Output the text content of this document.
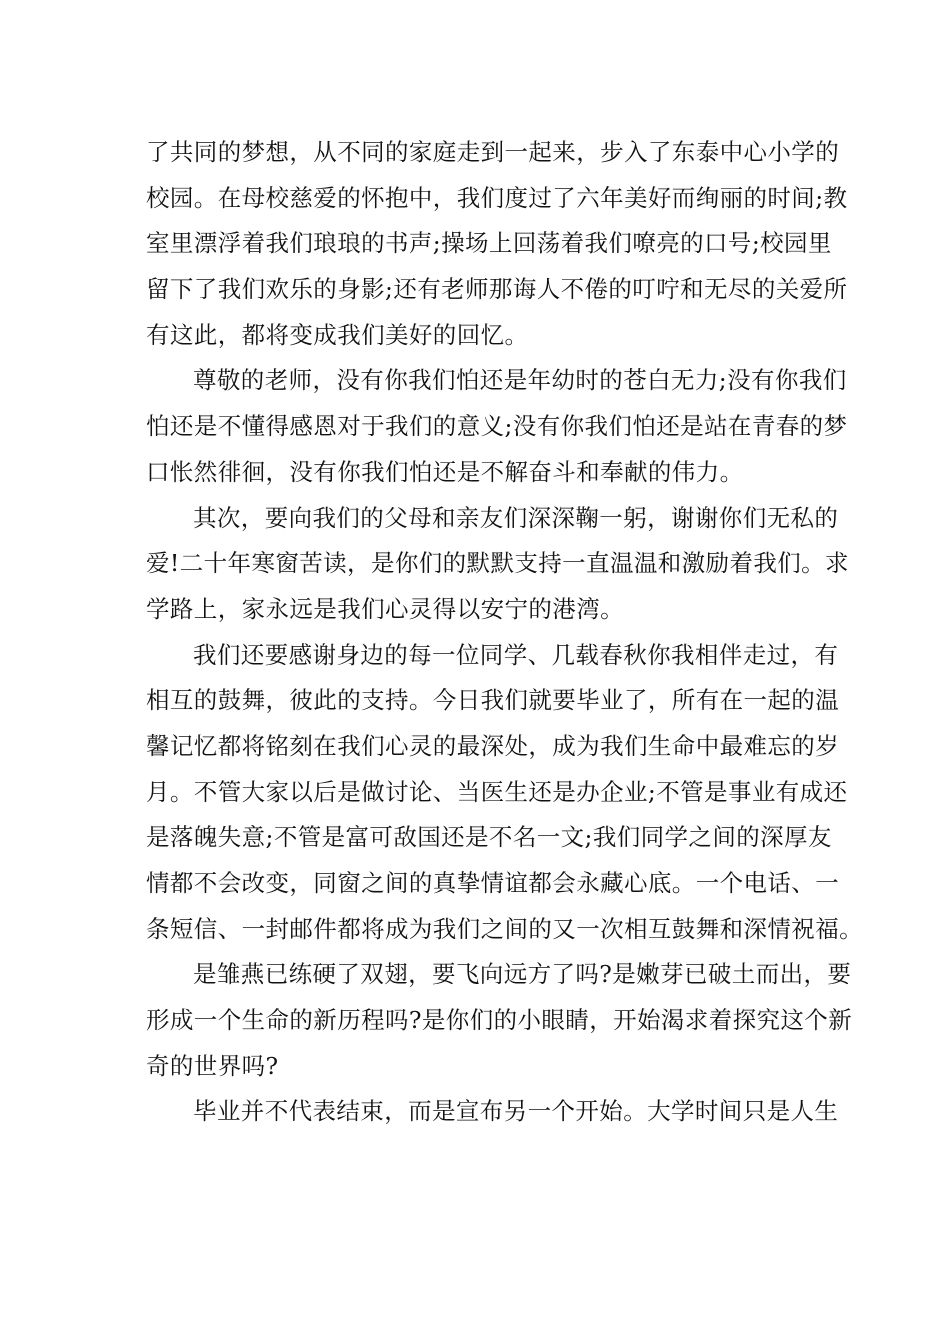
了共同的梦想，从不同的家庭走到一起来，步入了东泰中心小学的
校园。在母校慈爱的怀抱中，我们度过了六年美好而绚丽的时间;教
室里漂浮着我们琅琅的书声;操场上回荡着我们嘹亮的口号;校园里
留下了我们欢乐的身影;还有老师那诲人不倦的叮咛和无尽的关爱所
有这此，都将变成我们美好的回忆。
尊敬的老师，没有你我们怕还是年幼时的苍白无力;没有你我们
怕还是不懂得感恩对于我们的意义;没有你我们怕还是站在青春的梦
口怅然徘徊，没有你我们怕还是不解奋斗和奉献的伟力。
其次，要向我们的父母和亲友们深深鞠一躬，谢谢你们无私的
爱!二十年寒窗苦读，是你们的默默支持一直温温和激励着我们。求
学路上，家永远是我们心灵得以安宁的港湾。
我们还要感谢身边的每一位同学、几载春秋你我相伴走过，有
相互的鼓舞，彼此的支持。今日我们就要毕业了，所有在一起的温
馨记忆都将铭刻在我们心灵的最深处，成为我们生命中最难忘的岁
月。不管大家以后是做讨论、当医生还是办企业;不管是事业有成还
是落魄失意;不管是富可敌国还是不名一文;我们同学之间的深厚友
情都不会改变，同窗之间的真挚情谊都会永藏心底。一个电话、一
条短信、一封邮件都将成为我们之间的又一次相互鼓舞和深情祝福。
是雏燕已练硬了双翅，要飞向远方了吗?是嫩芽已破土而出，要
形成一个生命的新历程吗?是你们的小眼睛，开始渴求着探究这个新
奇的世界吗?
毕业并不代表结束，而是宣布另一个开始。大学时间只是人生
